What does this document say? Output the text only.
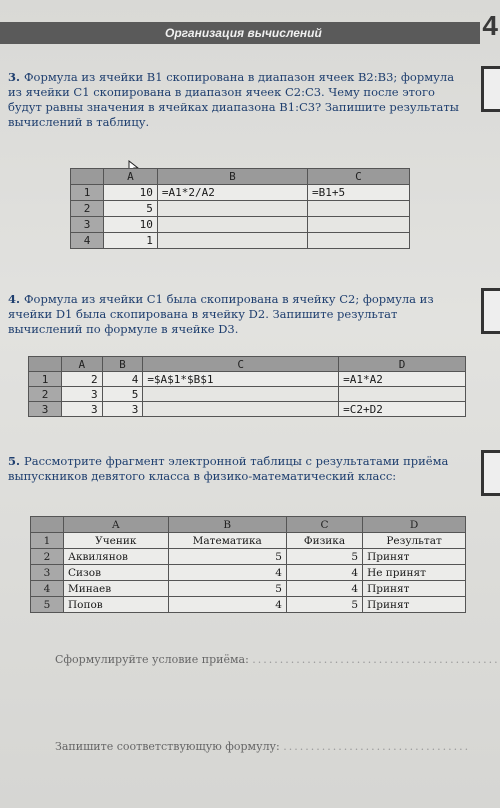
Организация вычислений	4
3. Формула из ячейки B1 скопирована в диапазон ячеек B2:B3; формула из ячейки C1 скопирована в диапазон ячеек C2:C3. Чему после этого будут равны значения в ячейках диапазона B1:C3? Запишите результаты вычислений в таблицу.
	A	B	C
1	10	=A1*2/A2	=B1+5
2	5		
3	10		
4	1		
4. Формула из ячейки C1 была скопирована в ячейку C2; формула из ячейки D1 была скопирована в ячейку D2. Запишите результат вычислений по формуле в ячейке D3.
	A	B	C	D
1	2	4	=$A$1*$B$1	=A1*A2
2	3	5		
3	3	3		=C2+D2
5. Рассмотрите фрагмент электронной таблицы с результатами приёма выпускников девятого класса в физико-математический класс:
	A	B	C	D
1	Ученик	Математика	Физика	Результат
2	Аквилянов	5	5	Принят
3	Сизов	4	4	Не принят
4	Минаев	5	4	Принят
5	Попов	4	5	Принят
Сформулируйте условие приёма: .............................................
Запишите соответствующую формулу: ..................................
